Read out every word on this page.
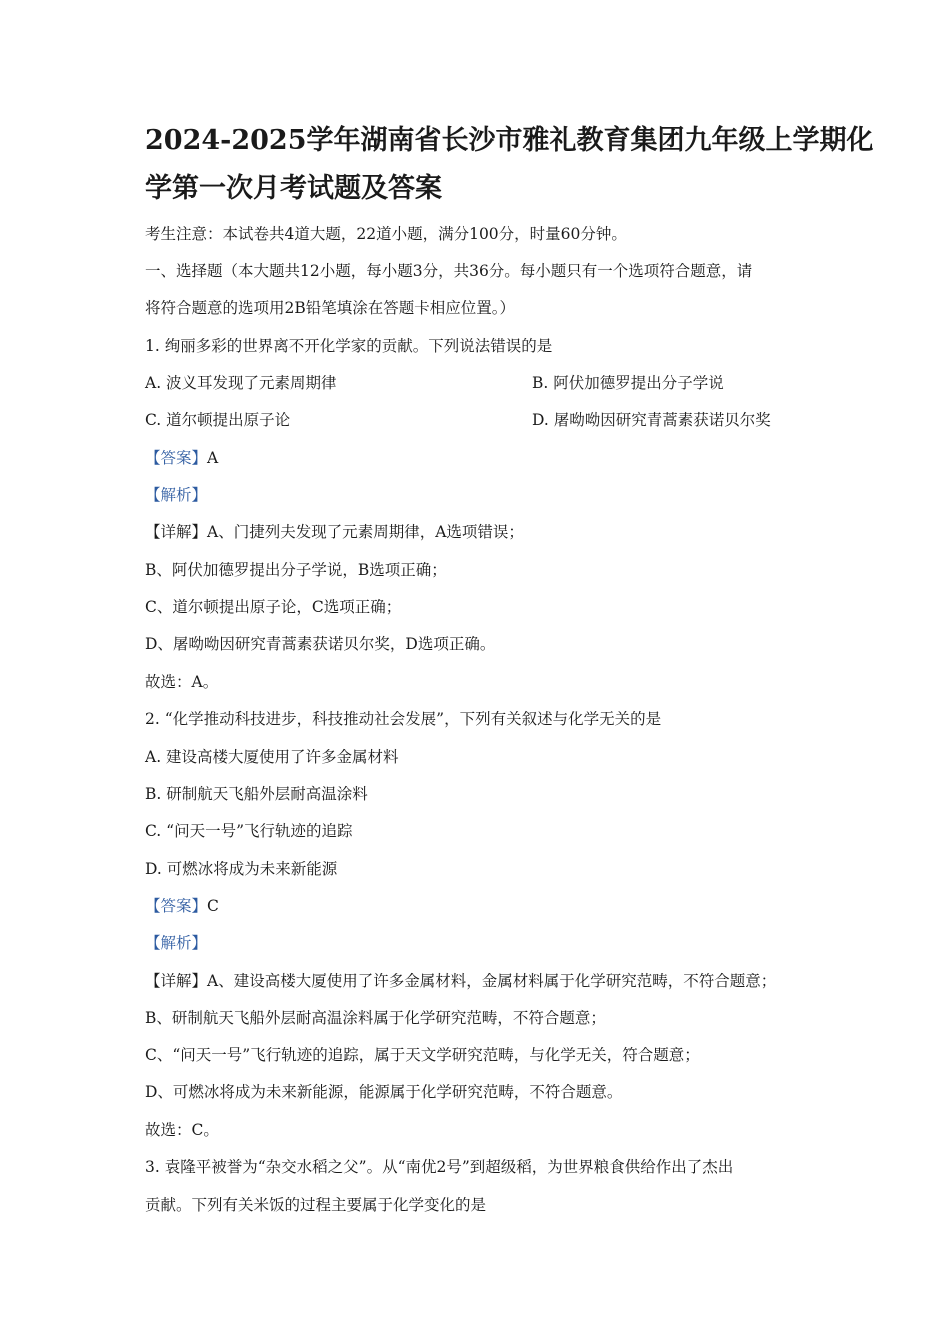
2024-2025学年湖南省长沙市雅礼教育集团九年级上学期化
学第一次月考试题及答案
考生注意：本试卷共4道大题，22道小题，满分100分，时量60分钟。
一、选择题（本大题共12小题，每小题3分，共36分。每小题只有一个选项符合题意，请
将符合题意的选项用2B铅笔填涂在答题卡相应位置。）
1. 绚丽多彩的世界离不开化学家的贡献。下列说法错误的是
A. 波义耳发现了元素周期律	B. 阿伏加德罗提出分子学说
C. 道尔顿提出原子论	D. 屠呦呦因研究青蒿素获诺贝尔奖
【答案】A
【解析】
【详解】A、门捷列夫发现了元素周期律，A选项错误；
B、阿伏加德罗提出分子学说，B选项正确；
C、道尔顿提出原子论，C选项正确；
D、屠呦呦因研究青蒿素获诺贝尔奖，D选项正确。
故选：A。
2. “化学推动科技进步，科技推动社会发展”，下列有关叙述与化学无关的是
A. 建设高楼大厦使用了许多金属材料
B. 研制航天飞船外层耐高温涂料
C. “问天一号”飞行轨迹的追踪
D. 可燃冰将成为未来新能源
【答案】C
【解析】
【详解】A、建设高楼大厦使用了许多金属材料，金属材料属于化学研究范畴，不符合题意；
B、研制航天飞船外层耐高温涂料属于化学研究范畴，不符合题意；
C、“问天一号”飞行轨迹的追踪，属于天文学研究范畴，与化学无关，符合题意；
D、可燃冰将成为未来新能源，能源属于化学研究范畴，不符合题意。
故选：C。
3. 袁隆平被誉为“杂交水稻之父”。从“南优2号”到超级稻，为世界粮食供给作出了杰出
贡献。下列有关米饭的过程主要属于化学变化的是
